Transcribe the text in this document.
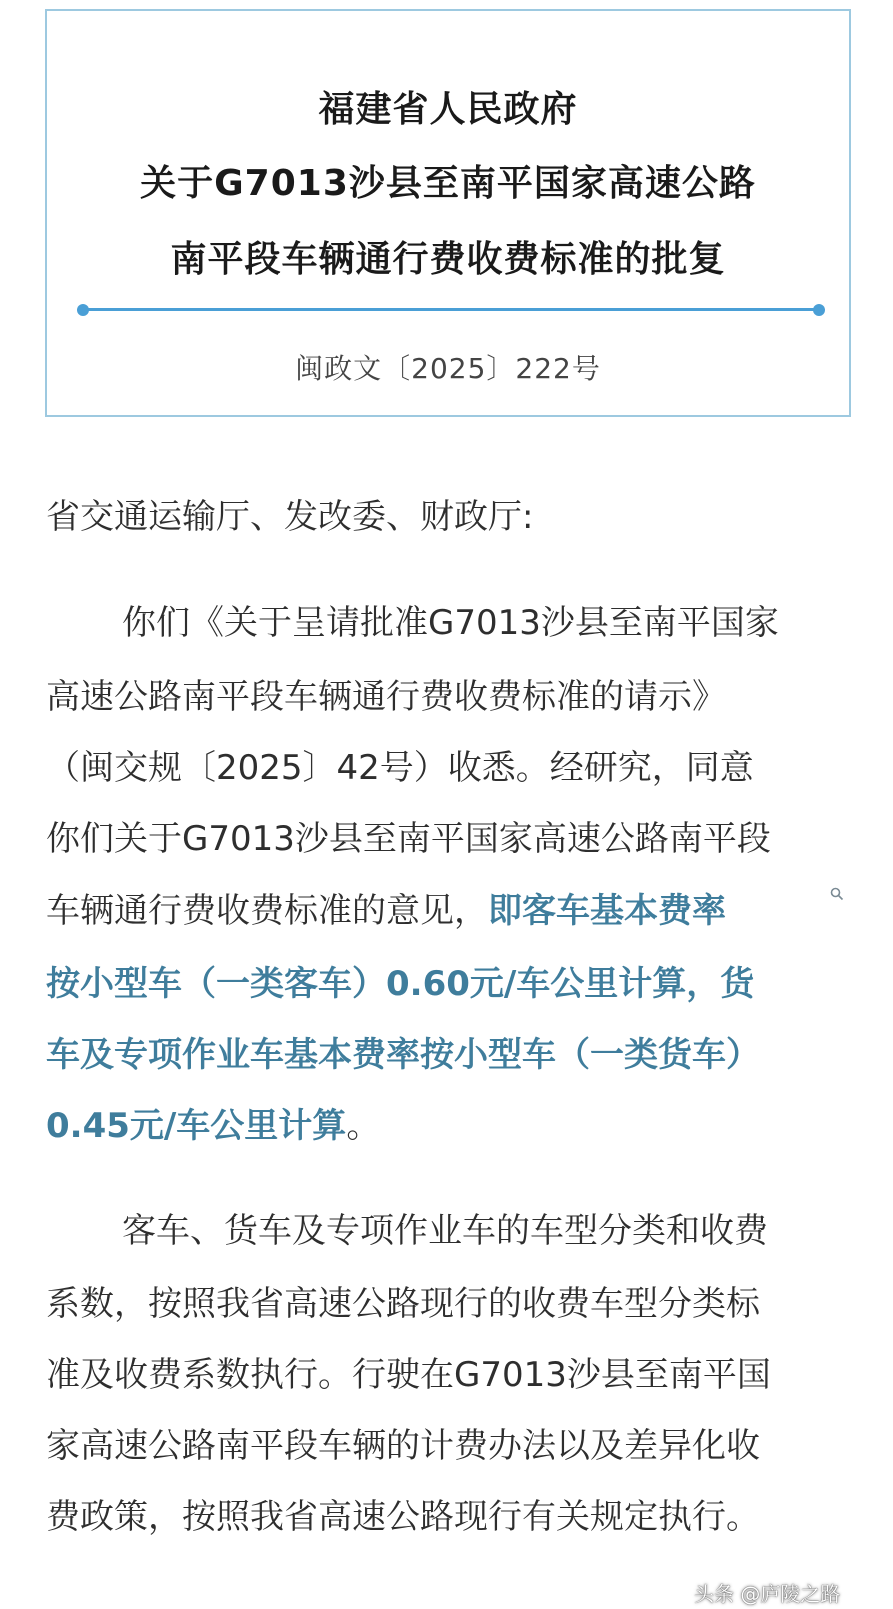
福建省人民政府
关于G7013沙县至南平国家高速公路
南平段车辆通行费收费标准的批复
闽政文〔2025〕222号
省交通运输厅、发改委、财政厅:
你们《关于呈请批准G7013沙县至南平国家
高速公路南平段车辆通行费收费标准的请示》
（闽交规〔2025〕42号）收悉。经研究，同意
你们关于G7013沙县至南平国家高速公路南平段
车辆通行费收费标准的意见，即客车基本费率
按小型车（一类客车）0.60元/车公里计算，货
车及专项作业车基本费率按小型车（一类货车）
0.45元/车公里计算。
客车、货车及专项作业车的车型分类和收费
系数，按照我省高速公路现行的收费车型分类标
准及收费系数执行。行驶在G7013沙县至南平国
家高速公路南平段车辆的计费办法以及差异化收
费政策，按照我省高速公路现行有关规定执行。
头条 @庐陵之路
